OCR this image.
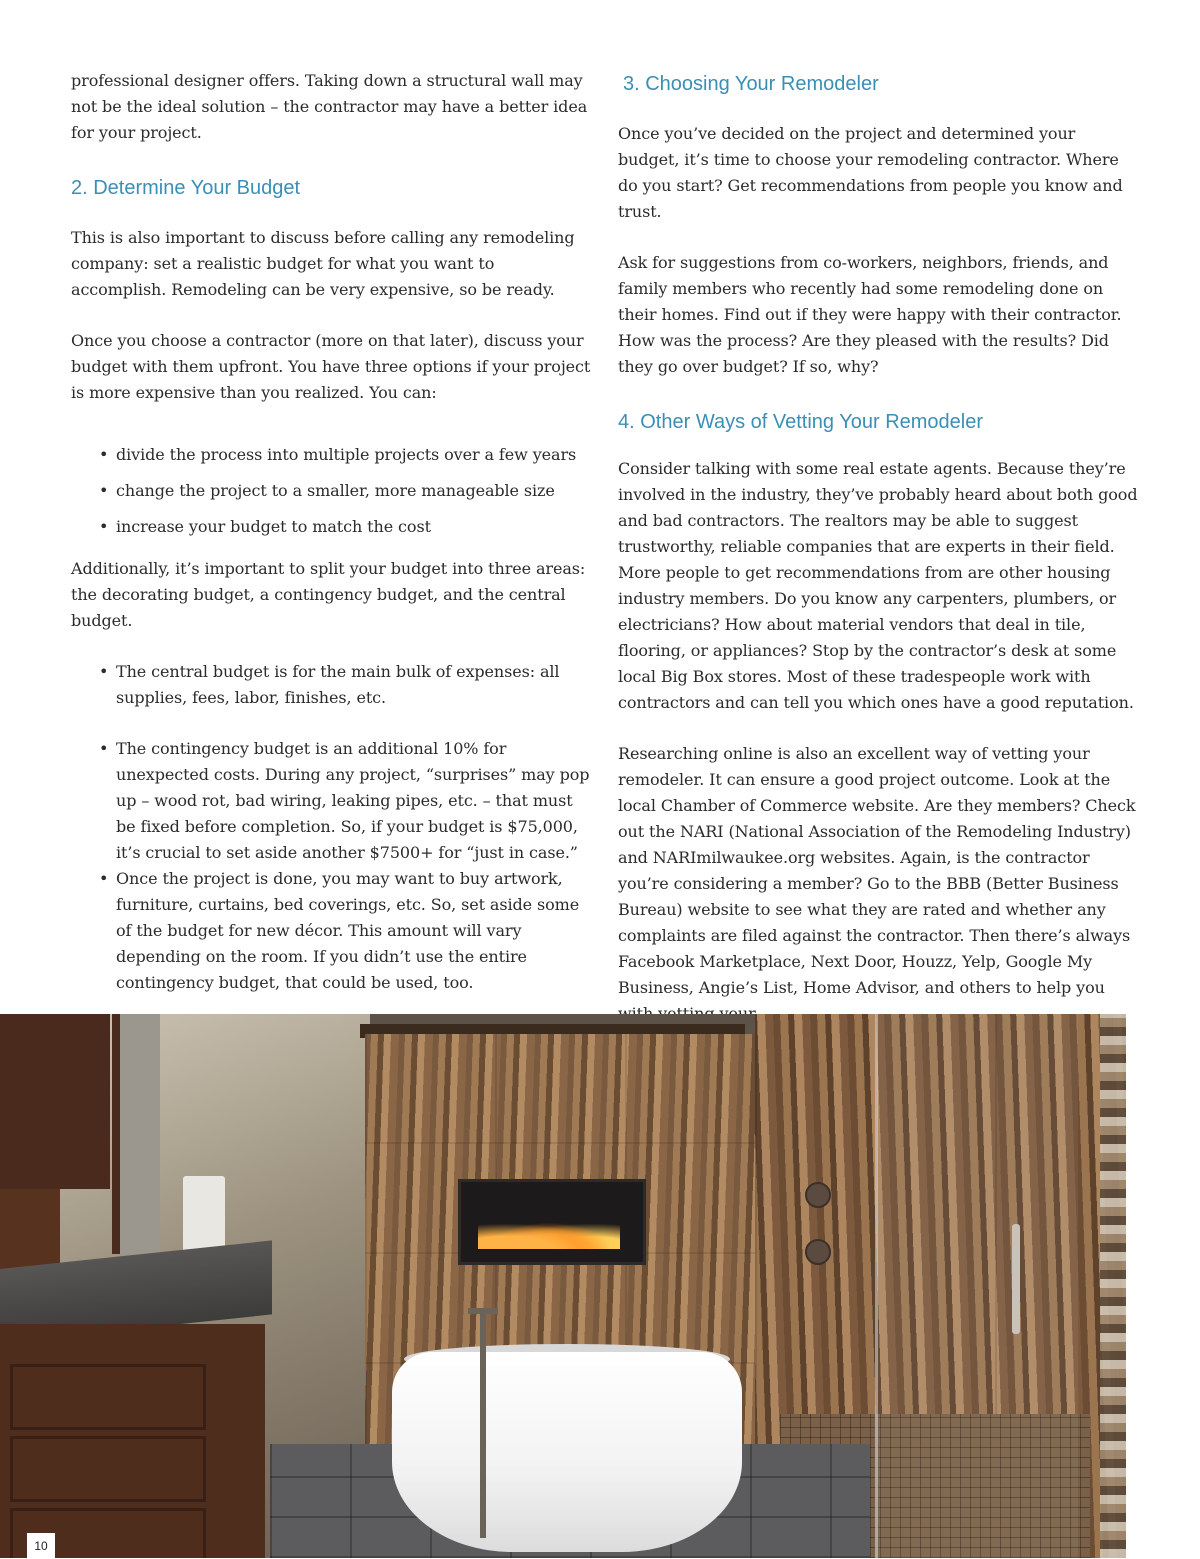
professional designer offers. Taking down a structural wall may not be the ideal solution – the contractor may have a better idea for your project.

2. Determine Your Budget

This is also important to discuss before calling any remodeling company: set a realistic budget for what you want to accomplish. Remodeling can be very expensive, so be ready.

Once you choose a contractor (more on that later), discuss your budget with them upfront. You have three options if your project is more expensive than you realized. You can:

• divide the process into multiple projects over a few years
• change the project to a smaller, more manageable size
• increase your budget to match the cost

Additionally, it’s important to split your budget into three areas: the decorating budget, a contingency budget, and the central budget.

• The central budget is for the main bulk of expenses: all supplies, fees, labor, finishes, etc.
• The contingency budget is an additional 10% for unexpected costs. During any project, “surprises” may pop up – wood rot, bad wiring, leaking pipes, etc. – that must be fixed before completion. So, if your budget is $75,000, it’s crucial to set aside another $7500+ for “just in case.”
• Once the project is done, you may want to buy artwork, furniture, curtains, bed coverings, etc. So, set aside some of the budget for new décor. This amount will vary depending on the room. If you didn’t use the entire contingency budget, that could be used, too.
3. Choosing Your Remodeler

Once you’ve decided on the project and determined your budget, it’s time to choose your remodeling contractor. Where do you start? Get recommendations from people you know and trust.

Ask for suggestions from co-workers, neighbors, friends, and family members who recently had some remodeling done on their homes. Find out if they were happy with their contractor. How was the process? Are they pleased with the results? Did they go over budget? If so, why?

4. Other Ways of Vetting Your Remodeler

Consider talking with some real estate agents. Because they’re involved in the industry, they’ve probably heard about both good and bad contractors. The realtors may be able to suggest trustworthy, reliable companies that are experts in their field. More people to get recommendations from are other housing industry members. Do you know any carpenters, plumbers, or electricians? How about material vendors that deal in tile, flooring, or appliances? Stop by the contractor’s desk at some local Big Box stores. Most of these tradespeople work with contractors and can tell you which ones have a good reputation.

Researching online is also an excellent way of vetting your remodeler. It can ensure a good project outcome. Look at the local Chamber of Commerce website. Are they members? Check out the NARI (National Association of the Remodeling Industry) and NARImilwaukee.org websites. Again, is the contractor you’re considering a member? Go to the BBB (Better Business Bureau) website to see what they are rated and whether any complaints are filed against the contractor. Then there’s always Facebook Marketplace, Next Door, Houzz, Yelp, Google My Business, Angie’s List, Home Advisor, and others to help you

10
